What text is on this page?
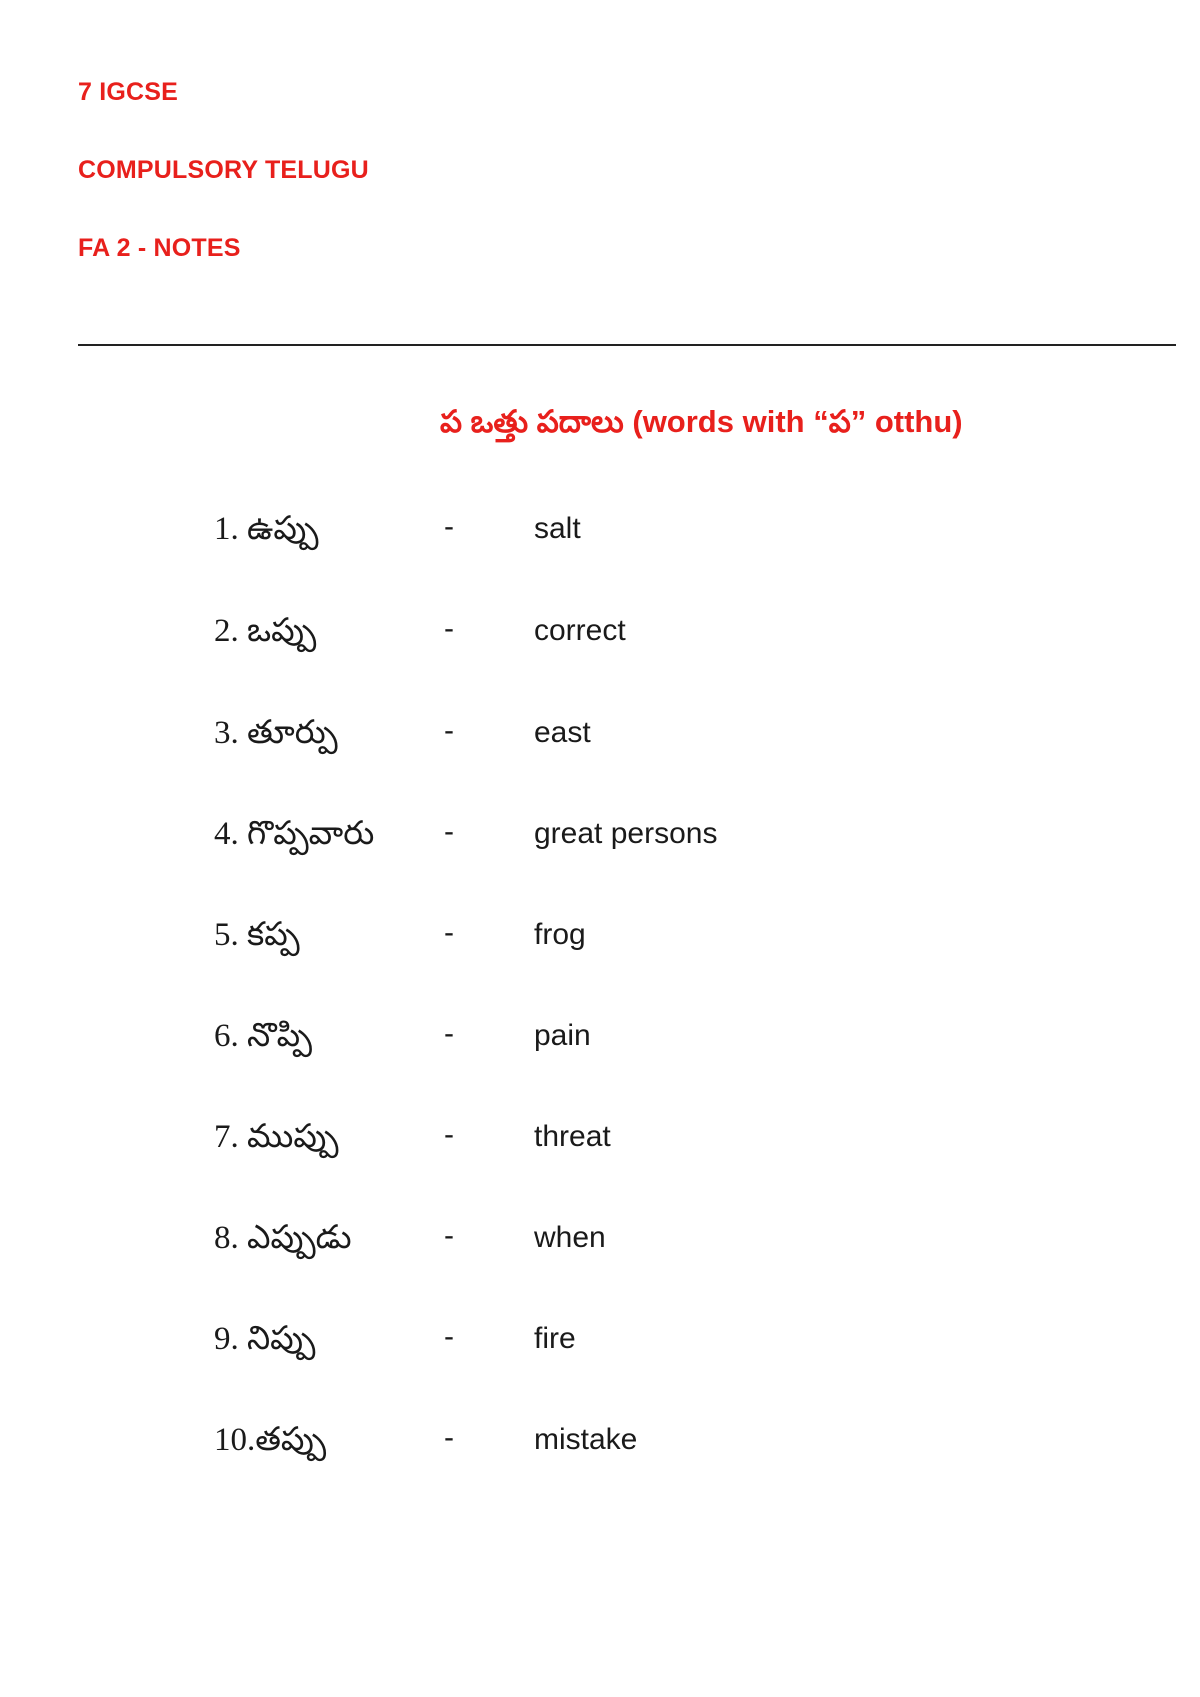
7 IGCSE
COMPULSORY TELUGU
FA 2 - NOTES
ప ఒత్తు పదాలు (words with “ప” otthu)
1. ఉప్పు	-	salt
2. ఒప్పు	-	correct
3. తూర్పు	-	east
4. గొప్పవారు -	great persons
5. కప్ప	-	frog
6. నొప్పి	-	pain
7. ముప్పు	-	threat
8. ఎప్పుడు	-	when
9. నిప్పు	-	fire
10.తప్పు	-	mistake
